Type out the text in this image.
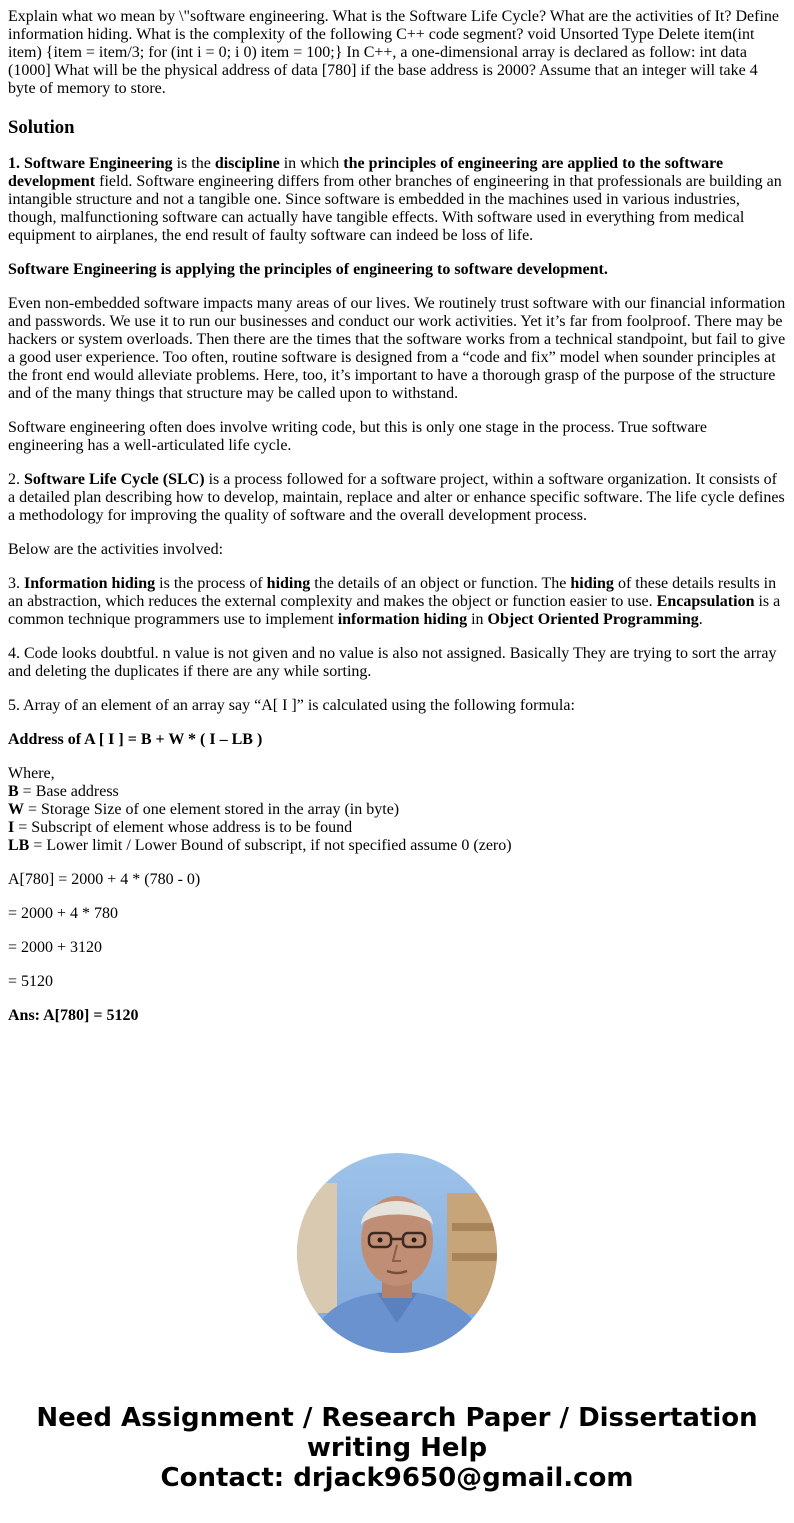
Explain what wo mean by \"software engineering. What is the Software Life Cycle? What are the activities of It? Define information hiding. What is the complexity of the following C++ code segment? void Unsorted Type Delete item(int item) {item = item/3; for (int i = 0; i 0) item = 100;} In C++, a one-dimensional array is declared as follow: int data (1000] What will be the physical address of data [780] if the base address is 2000? Assume that an integer will take 4 byte of memory to store.

Solution

1. Software Engineering is the discipline in which the principles of engineering are applied to the software development field. Software engineering differs from other branches of engineering in that professionals are building an intangible structure and not a tangible one. Since software is embedded in the machines used in various industries, though, malfunctioning software can actually have tangible effects. With software used in everything from medical equipment to airplanes, the end result of faulty software can indeed be loss of life.

Software Engineering is applying the principles of engineering to software development.

Even non-embedded software impacts many areas of our lives. We routinely trust software with our financial information and passwords. We use it to run our businesses and conduct our work activities. Yet it’s far from foolproof. There may be hackers or system overloads. Then there are the times that the software works from a technical standpoint, but fail to give a good user experience. Too often, routine software is designed from a “code and fix” model when sounder principles at the front end would alleviate problems. Here, too, it’s important to have a thorough grasp of the purpose of the structure and of the many things that structure may be called upon to withstand.

Software engineering often does involve writing code, but this is only one stage in the process. True software engineering has a well-articulated life cycle.

2. Software Life Cycle (SLC) is a process followed for a software project, within a software organization. It consists of a detailed plan describing how to develop, maintain, replace and alter or enhance specific software. The life cycle defines a methodology for improving the quality of software and the overall development process.

Below are the activities involved:

3. Information hiding is the process of hiding the details of an object or function. The hiding of these details results in an abstraction, which reduces the external complexity and makes the object or function easier to use. Encapsulation is a common technique programmers use to implement information hiding in Object Oriented Programming.

4. Code looks doubtful. n value is not given and no value is also not assigned. Basically They are trying to sort the array and deleting the duplicates if there are any while sorting.

5. Array of an element of an array say “A[ I ]” is calculated using the following formula:

Address of A [ I ] = B + W * ( I – LB )

Where,
B = Base address
W = Storage Size of one element stored in the array (in byte)
I = Subscript of element whose address is to be found
LB = Lower limit / Lower Bound of subscript, if not specified assume 0 (zero)

A[780] = 2000 + 4 * (780 - 0)

= 2000 + 4 * 780

= 2000 + 3120

= 5120

Ans: A[780] = 5120

Need Assignment / Research Paper / Dissertation
writing Help
Contact: drjack9650@gmail.com
